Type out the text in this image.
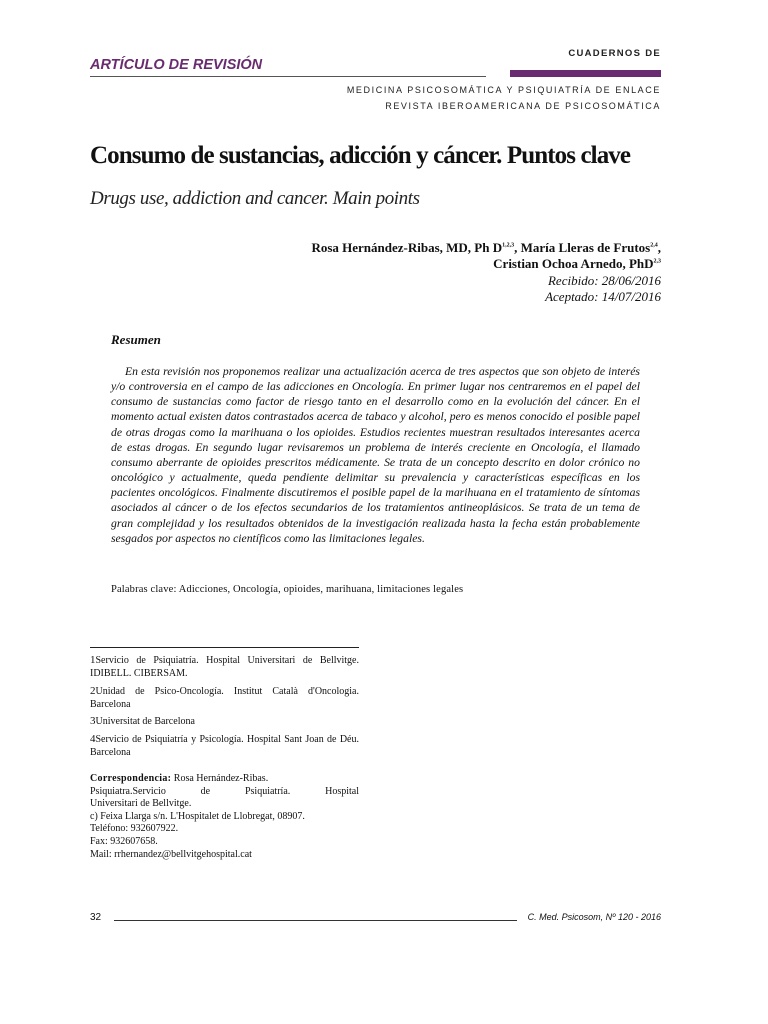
CUADERNOS DE
ARTÍCULO DE REVISIÓN
MEDICINA PSICOSOMÁTICA Y PSIQUIATRÍA DE ENLACE
REVISTA IBEROAMERICANA DE PSICOSOMÁTICA
Consumo de sustancias, adicción y cáncer. Puntos clave
Drugs use, addiction and cancer. Main points
Rosa Hernández-Ribas, MD, Ph D$^{1,2,3}$, María Lleras de Frutos$^{2,4}$,
Cristian Ochoa Arnedo, PhD$^{2,3}$
Recibido: 28/06/2016
Aceptado: 14/07/2016
Resumen
En esta revisión nos proponemos realizar una actualización acerca de tres aspectos que son objeto de interés y/o controversia en el campo de las adicciones en Oncología. En primer lugar nos centraremos en el papel del consumo de sustancias como factor de riesgo tanto en el desarrollo como en la evolución del cáncer. En el momento actual existen datos contrastados acerca de tabaco y alcohol, pero es menos conocido el posible papel de otras drogas como la marihuana o los opioides. Estudios recientes muestran resultados interesantes acerca de estas drogas. En segundo lugar revisaremos un problema de interés creciente en Oncología, el llamado consumo aberrante de opioides prescritos médicamente. Se trata de un concepto descrito en dolor crónico no oncológico y actualmente, queda pendiente delimitar su prevalencia y características específicas en los pacientes oncológicos. Finalmente discutiremos el posible papel de la marihuana en el tratamiento de síntomas asociados al cáncer o de los efectos secundarios de los tratamientos antineoplásicos. Se trata de un tema de gran complejidad y los resultados obtenidos de la investigación realizada hasta la fecha están probablemente sesgados por aspectos no científicos como las limitaciones legales.
Palabras clave: Adicciones, Oncología, opioides, marihuana, limitaciones legales
1Servicio de Psiquiatría. Hospital Universitari de Bellvitge. IDIBELL. CIBERSAM.
2Unidad de Psico-Oncología. Institut Català d'Oncologia. Barcelona
3Universitat de Barcelona
4Servicio de Psiquiatría y Psicología. Hospital Sant Joan de Déu. Barcelona
Correspondencia: Rosa Hernández-Ribas.
Psiquiatra.Servicio de Psiquiatría. Hospital
Universitari de Bellvitge.
c) Feixa Llarga s/n. L'Hospitalet de Llobregat, 08907.
Teléfono: 932607922.
Fax: 932607658.
Mail: rrhernandez@bellvitgehospital.cat
32	C. Med. Psicosom, Nº 120 - 2016
